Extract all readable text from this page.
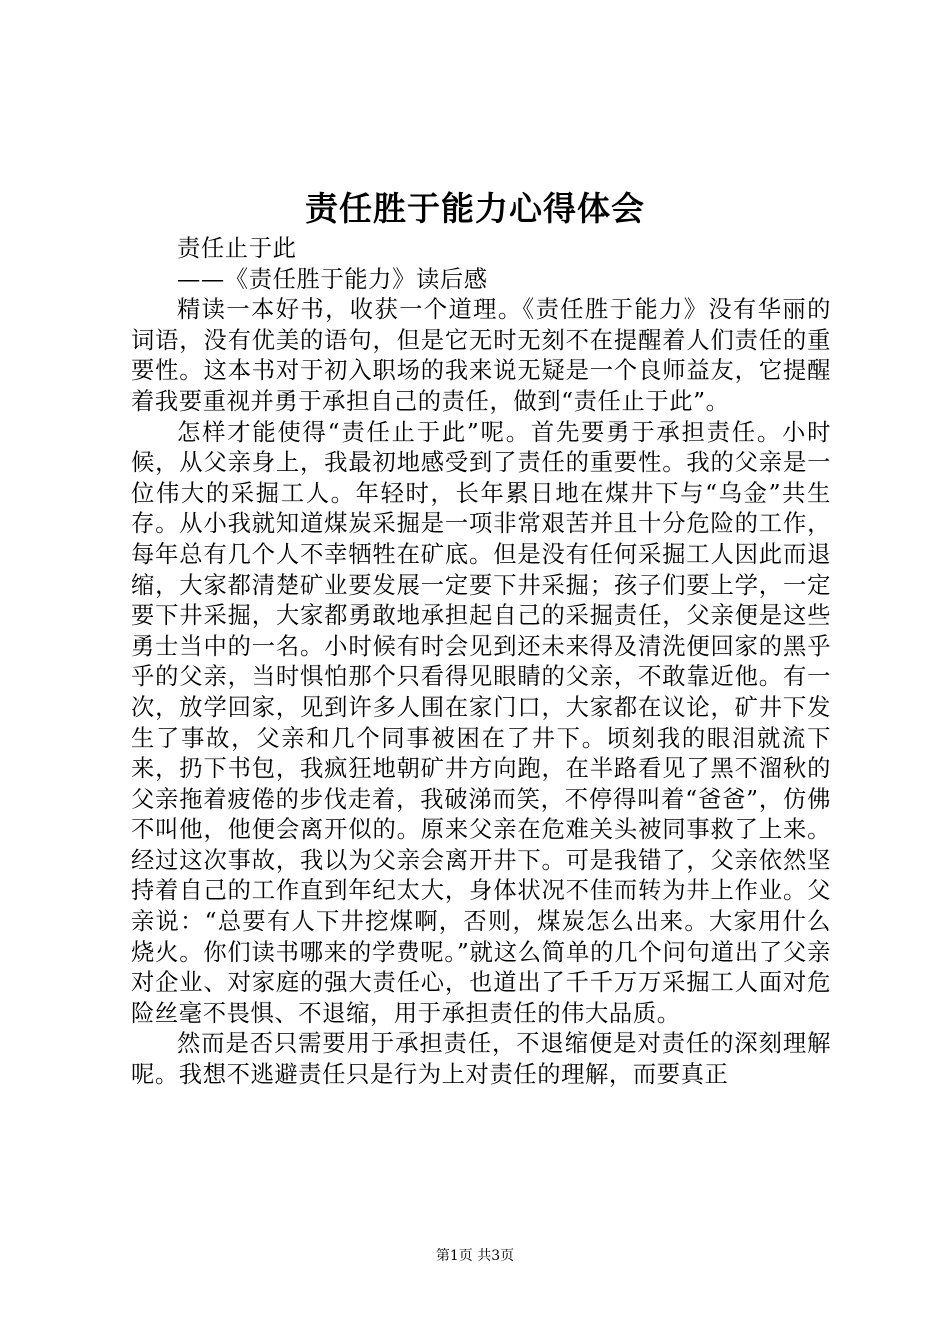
责任胜于能力心得体会

责任止于此

——《责任胜于能力》读后感

精读一本好书，收获一个道理。《责任胜于能力》没有华丽的词语，没有优美的语句，但是它无时无刻不在提醒着人们责任的重要性。这本书对于初入职场的我来说无疑是一个良师益友，它提醒着我要重视并勇于承担自己的责任，做到“责任止于此”。

怎样才能使得“责任止于此”呢。首先要勇于承担责任。小时候，从父亲身上，我最初地感受到了责任的重要性。我的父亲是一位伟大的采掘工人。年轻时，长年累日地在煤井下与“乌金”共生存。从小我就知道煤炭采掘是一项非常艰苦并且十分危险的工作，每年总有几个人不幸牺牲在矿底。但是没有任何采掘工人因此而退缩，大家都清楚矿业要发展一定要下井采掘；孩子们要上学，一定要下井采掘，大家都勇敢地承担起自己的采掘责任，父亲便是这些勇士当中的一名。小时候有时会见到还未来得及清洗便回家的黑乎乎的父亲，当时惧怕那个只看得见眼睛的父亲，不敢靠近他。有一次，放学回家，见到许多人围在家门口，大家都在议论，矿井下发生了事故，父亲和几个同事被困在了井下。顷刻我的眼泪就流下来，扔下书包，我疯狂地朝矿井方向跑，在半路看见了黑不溜秋的父亲拖着疲倦的步伐走着，我破涕而笑，不停得叫着“爸爸”，仿佛不叫他，他便会离开似的。原来父亲在危难关头被同事救了上来。经过这次事故，我以为父亲会离开井下。可是我错了，父亲依然坚持着自己的工作直到年纪太大，身体状况不佳而转为井上作业。父亲说：“总要有人下井挖煤啊，否则，煤炭怎么出来。大家用什么烧火。你们读书哪来的学费呢。”就这么简单的几个问句道出了父亲对企业、对家庭的强大责任心，也道出了千千万万采掘工人面对危险丝毫不畏惧、不退缩，用于承担责任的伟大品质。

然而是否只需要用于承担责任，不退缩便是对责任的深刻理解呢。我想不逃避责任只是行为上对责任的理解，而要真正

第1页 共3页
